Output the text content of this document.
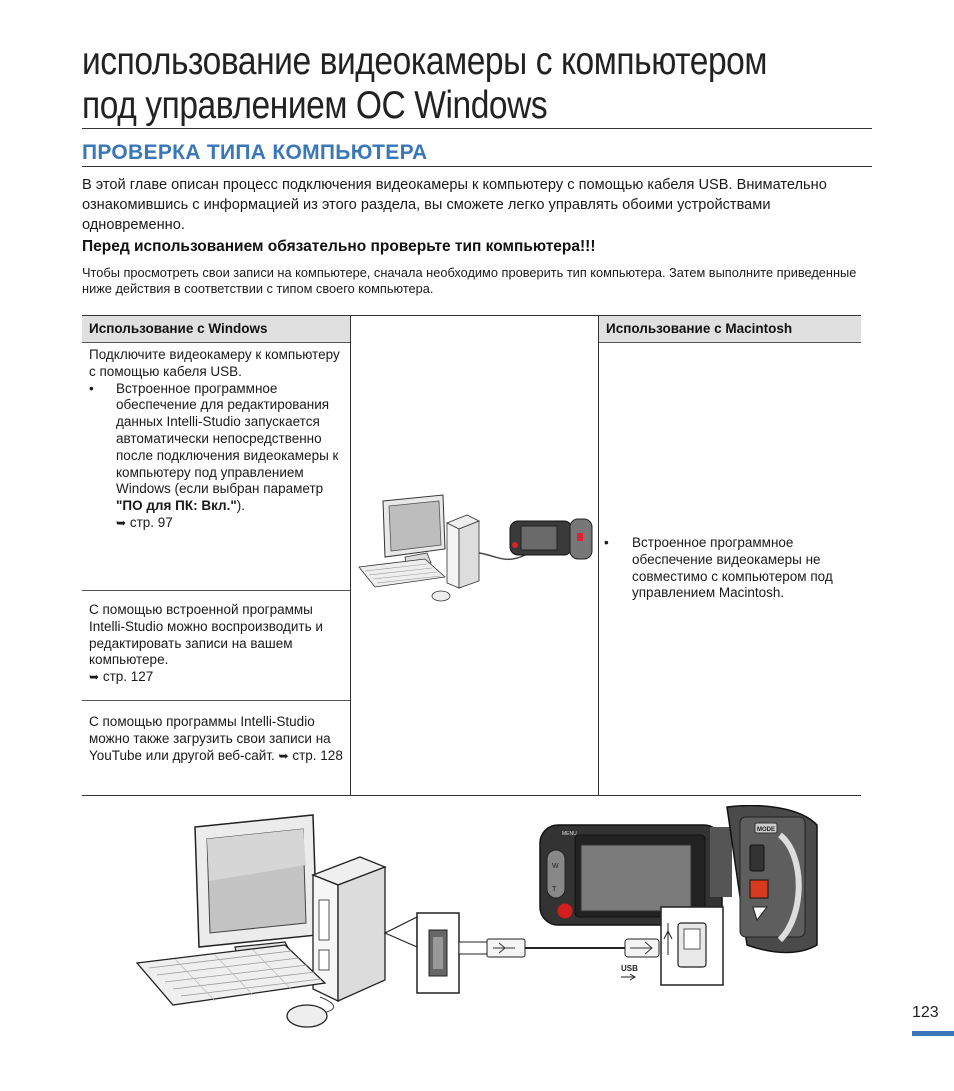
использование видеокамеры с компьютером
под управлением ОС Windows
ПРОВЕРКА ТИПА КОМПЬЮТЕРА

В этой главе описан процесс подключения видеокамеры к компьютеру с помощью кабеля USB. Внимательно ознакомившись с информацией из этого раздела, вы сможете легко управлять обоими устройствами одновременно.

Перед использованием обязательно проверьте тип компьютера!!!

Чтобы просмотреть свои записи на компьютере, сначала необходимо проверить тип компьютера. Затем выполните приведенные ниже действия в соответствии с типом своего компьютера.

Использование с Windows	Использование с Macintosh

Подключите видеокамеру к компьютеру с помощью кабеля USB.

• Встроенное программное обеспечение для редактирования данных Intelli-Studio запускается автоматически непосредственно после подключения видеокамеры к компьютеру под управлением Windows (если выбран параметр "ПО для ПК: Вкл.").
➥ стр. 97

С помощью встроенной программы Intelli-Studio можно воспроизводить и редактировать записи на вашем компьютере.

➥ стр. 127
С помощью программы Intelli-Studio можно также загрузить свои записи на YouTube или другой веб-сайт. ➥ стр. 128
• Встроенное программное обеспечение видеокамеры не совместимо с компьютером под управлением Macintosh.
USB
MENU
W
T
MODE
123
